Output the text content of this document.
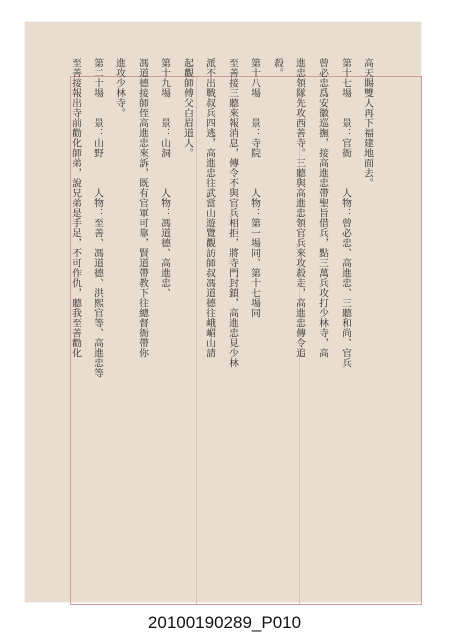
高天賜雙人再下福建地面去。
第十七場　　景：官衙　　　人物：曾必忠、高進忠、三聽和尚、官兵
曾必忠爲安徽巡撫，接高進忠帶聖旨借兵，點三萬兵攻打少林寺，高
進忠領隊先攻西善寺。三聽與高進忠領官兵來攻殺走，高進忠傳令追
殺。
第十八場　　景：寺院　　　人物：第一場同、第十七場同
至善接三聽來報消息，傳令不與官兵相拒，將寺門封鎖，高進忠見少林
派不出戰叔兵四逃，高進忠往武當山遊覽觀訪師叔馮道德往峨嵋山請
起觀師傅父白眉道人。
第十九場　　景：山洞　　　人物：馮道德、高進忠、
馮道德接師侄高進忠來訴，既有官軍可靠，賢道帶教下往總督衙帶你
進攻少林寺。
第二十場　　景：山野　　　人物：至善、馮道德、洪熙官等、高進忠等
至善接報出寺前勸化師弟，說兄弟是手足，不可作仇，聽我至善勸化
20100190289_P010
